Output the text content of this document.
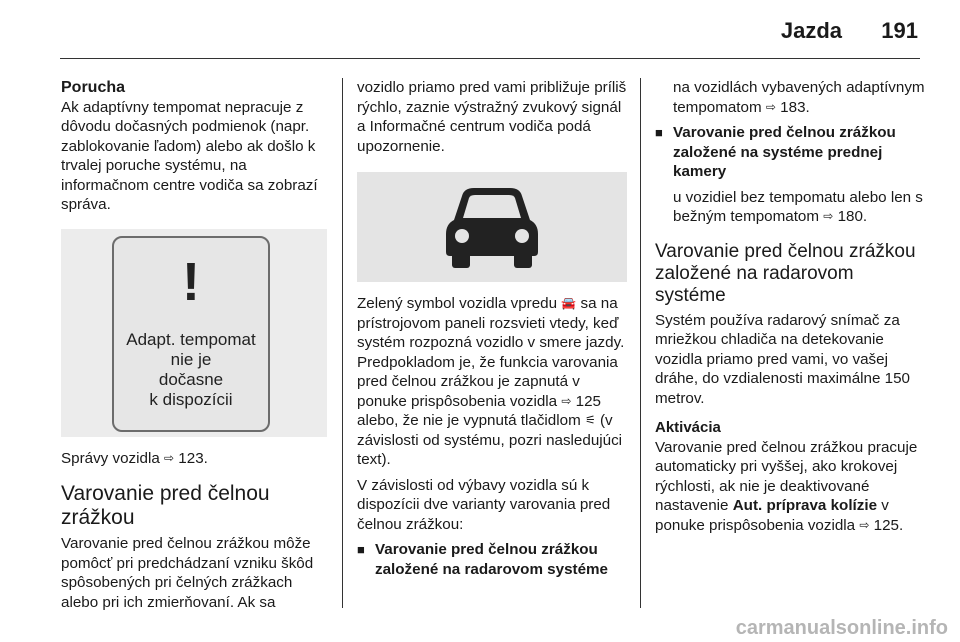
Jazda 191

Porucha

Ak adaptívny tempomat nepracuje z dôvodu dočasných podmienok (napr. zablokovanie ľadom) alebo ak došlo k trvalej poruche systému, na informačnom centre vodiča sa zobrazí správa.

!
Adapt. tempomat
nie je
dočasne
k dispozícii

Správy vozidla ⇨ 123.

Varovanie pred čelnou zrážkou

Varovanie pred čelnou zrážkou môže pomôcť pri predchádzaní vzniku škôd spôsobených pri čelných zrážkach alebo pri ich zmierňovaní. Ak sa

vozidlo priamo pred vami približuje príliš rýchlo, zaznie výstražný zvukový signál a Informačné centrum vodiča podá upozornenie.

Zelený symbol vozidla vpredu 🚘 sa na prístrojovom paneli rozsvieti vtedy, keď systém rozpozná vozidlo v smere jazdy. Predpokladom je, že funkcia varovania pred čelnou zrážkou je zapnutá v ponuke prispôsobenia vozidla ⇨ 125 alebo, že nie je vypnutá tlačidlom ⚟ (v závislosti od systému, pozri nasledujúci text).

V závislosti od výbavy vozidla sú k dispozícii dve varianty varovania pred čelnou zrážkou:

■ Varovanie pred čelnou zrážkou založené na radarovom systéme

na vozidlách vybavených adaptívnym tempomatom ⇨ 183.

■ Varovanie pred čelnou zrážkou založené na systéme prednej kamery

u vozidiel bez tempomatu alebo len s bežným tempomatom ⇨ 180.

Varovanie pred čelnou zrážkou založené na radarovom systéme

Systém používa radarový snímač za mriežkou chladiča na detekovanie vozidla priamo pred vami, vo vašej dráhe, do vzdialenosti maximálne 150 metrov.

Aktivácia

Varovanie pred čelnou zrážkou pracuje automaticky pri vyššej, ako krokovej rýchlosti, ak nie je deaktivované nastavenie Aut. príprava kolízie v ponuke prispôsobenia vozidla ⇨ 125.

carmanualsonline.info
